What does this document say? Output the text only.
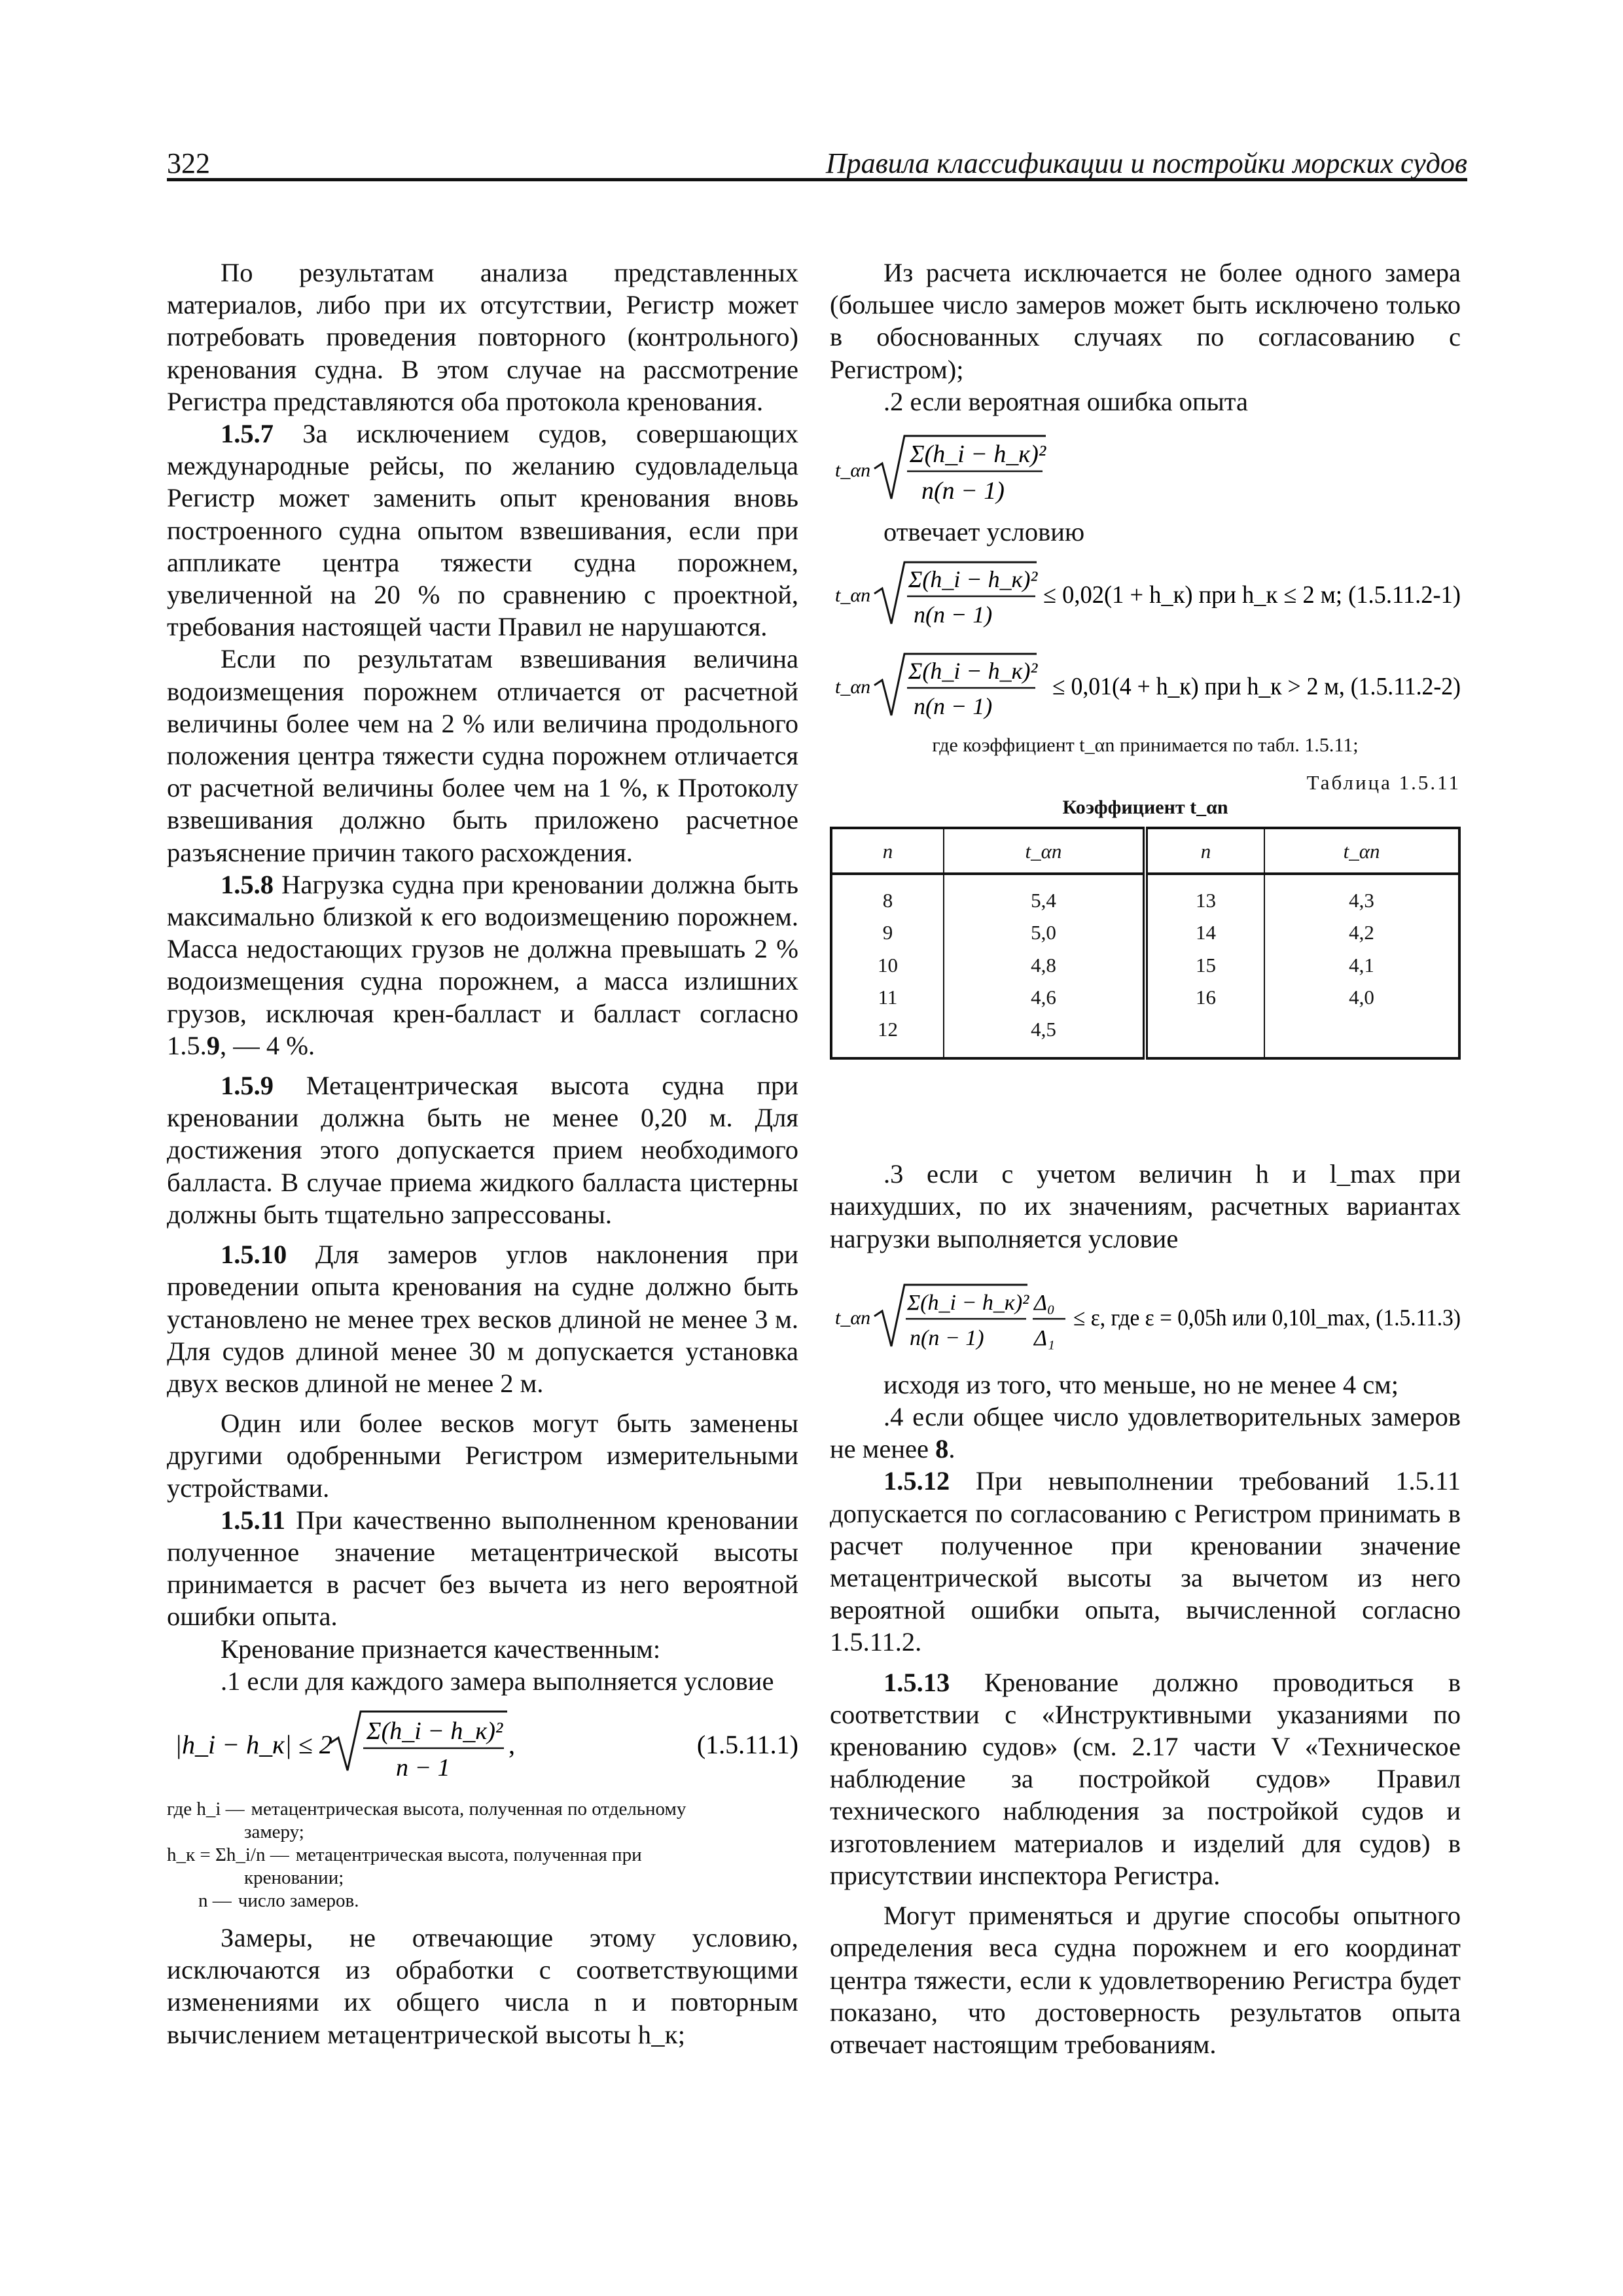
322	Правила классификации и постройки морских судов

По результатам анализа представленных материалов, либо при их отсутствии, Регистр может потребовать проведения повторного (контрольного) кренования судна. В этом случае на рассмотрение Регистра представляются оба протокола кренования.

1.5.7 За исключением судов, совершающих международные рейсы, по желанию судовладельца Регистр может заменить опыт кренования вновь построенного судна опытом взвешивания, если при аппликате центра тяжести судна порожнем, увеличенной на 20 % по сравнению с проектной, требования настоящей части Правил не нарушаются.

Если по результатам взвешивания величина водоизмещения порожнем отличается от расчетной величины более чем на 2 % или величина продольного положения центра тяжести судна порожнем отличается от расчетной величины более чем на 1 %, к Протоколу взвешивания должно быть приложено расчетное разъяснение причин такого расхождения.

1.5.8 Нагрузка судна при креновании должна быть максимально близкой к его водоизмещению порожнем. Масса недостающих грузов не должна превышать 2 % водоизмещения судна порожнем, а масса излишних грузов, исключая крен-балласт и балласт согласно 1.5.9, — 4 %.

1.5.9 Метацентрическая высота судна при креновании должна быть не менее 0,20 м. Для достижения этого допускается прием необходимого балласта. В случае приема жидкого балласта цистерны должны быть тщательно запрессованы.

1.5.10 Для замеров углов наклонения при проведении опыта кренования на судне должно быть установлено не менее трех весков длиной не менее 3 м. Для судов длиной менее 30 м допускается установка двух весков длиной не менее 2 м.

Один или более весков могут быть заменены другими одобренными Регистром измерительными устройствами.

1.5.11 При качественно выполненном креновании полученное значение метацентрической высоты принимается в расчет без вычета из него вероятной ошибки опыта.

Кренование признается качественным:

.1 если для каждого замера выполняется условие

|h_i − h_к| ≤ 2 Σ(h_i − h_к)²
n − 1
,	(1.5.11.1)
где h_i — метацентрическая высота, полученная по отдельному
замеру;
h_к = Σh_i/n — метацентрическая высота, полученная при
креновании;
n — число замеров.

Замеры, не отвечающие этому условию, исключаются из обработки с соответствующими изменениями их общего числа n и повторным вычислением метацентрической высоты h_к;

Из расчета исключается не более одного замера (большее число замеров может быть исключено только в обоснованных случаях по согласованию с Регистром);

.2 если вероятная ошибка опыта

t_αn
Σ(h_i − h_к)²
n(n − 1)

отвечает условию

t_αn
Σ(h_i − h_к)²
n(n − 1)
≤ 0,02(1 + h_к) при h_к ≤ 2 м; (1.5.11.2-1)
t_αn
Σ(h_i − h_к)²
n(n − 1)
≤ 0,01(4 + h_к) при h_к > 2 м, (1.5.11.2-2)
где коэффициент t_αn принимается по табл. 1.5.11;
Таблица 1.5.11
Коэффициент t_αn
n	t_αn	n	t_αn
8	5,4	13	4,3
9	5,0	14	4,2
10	4,8	15	4,1
11	4,6	16	4,0
12	4,5		

.3 если с учетом величин h и l_max при наихудших, по их значениям, расчетных вариантах нагрузки выполняется условие

t_αn
Σ(h_i − h_к)²
n(n − 1)
Δ₀
Δ₁
≤ ε, где ε = 0,05h или 0,10l_max, (1.5.11.3)

исходя из того, что меньше, но не менее 4 см;

.4 если общее число удовлетворительных замеров не менее 8.

1.5.12 При невыполнении требований 1.5.11 допускается по согласованию с Регистром принимать в расчет полученное при креновании значение метацентрической высоты за вычетом из него вероятной ошибки опыта, вычисленной согласно 1.5.11.2.

1.5.13 Кренование должно проводиться в соответствии с «Инструктивными указаниями по кренованию судов» (см. 2.17 части V «Техническое наблюдение за постройкой судов» Правил технического наблюдения за постройкой судов и изготовлением материалов и изделий для судов) в присутствии инспектора Регистра.

Могут применяться и другие способы опытного определения веса судна порожнем и его координат центра тяжести, если к удовлетворению Регистра будет показано, что достоверность результатов опыта отвечает настоящим требованиям.
